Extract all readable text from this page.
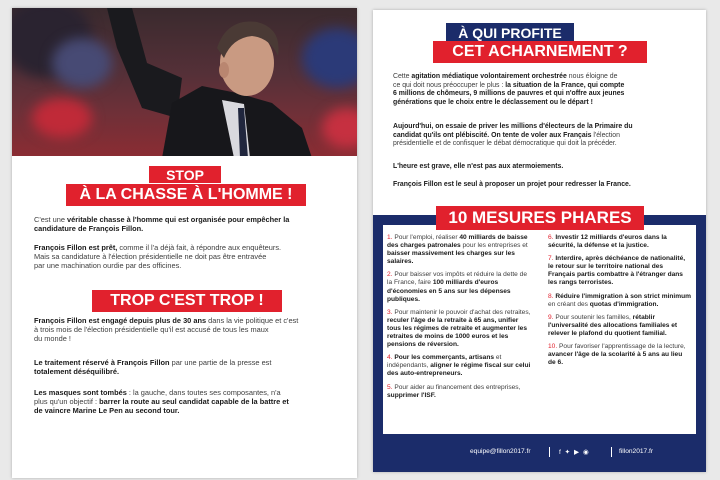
STOP
À LA CHASSE À L'HOMME !
C'est une véritable chasse à l'homme qui est organisée pour empêcher la
candidature de François Fillon.
François Fillon est prêt, comme il l'a déjà fait, à répondre aux enquêteurs.
Mais sa candidature à l'élection présidentielle ne doit pas être entravée
par une machination ourdie par des officines.
TROP C'EST TROP !
François Fillon est engagé depuis plus de 30 ans dans la vie politique et c'est
à trois mois de l'élection présidentielle qu'il est accusé de tous les maux
du monde !
Le traitement réservé à François Fillon par une partie de la presse est
totalement déséquilibré.
Les masques sont tombés : la gauche, dans toutes ses composantes, n'a
plus qu'un objectif : barrer la route au seul candidat capable de la battre et
de vaincre Marine Le Pen au second tour.
À QUI PROFITE
CET ACHARNEMENT ?
Cette agitation médiatique volontairement orchestrée nous éloigne de
ce qui doit nous préoccuper le plus : la situation de la France, qui compte
6 millions de chômeurs, 9 millions de pauvres et qui n'offre aux jeunes
générations que le choix entre le déclassement ou le départ !
Aujourd'hui, on essaie de priver les millions d'électeurs de la Primaire du
candidat qu'ils ont plébiscité. On tente de voler aux Français l'élection
présidentielle et de confisquer le débat démocratique qui doit la précéder.
L'heure est grave, elle n'est pas aux atermoiements.
François Fillon est le seul à proposer un projet pour redresser la France.
10 MESURES PHARES

1. Pour l'emploi, réaliser 40 milliards de baisse des charges patronales pour les entreprises et baisser massivement les charges sur les salaires.

2. Pour baisser vos impôts et réduire la dette de la France, faire 100 milliards d'euros d'économies en 5 ans sur les dépenses publiques.

3. Pour maintenir le pouvoir d'achat des retraites, reculer l'âge de la retraite à 65 ans, unifier tous les régimes de retraite et augmenter les retraites de moins de 1000 euros et les pensions de réversion.

4. Pour les commerçants, artisans et indépendants, aligner le régime fiscal sur celui des auto-entrepreneurs.

5. Pour aider au financement des entreprises, supprimer l'ISF.

6. Investir 12 milliards d'euros dans la sécurité, la défense et la justice.

7. Interdire, après déchéance de nationalité, le retour sur le territoire national des Français partis combattre à l'étranger dans les rangs terroristes.

8. Réduire l'immigration à son strict minimum en créant des quotas d'immigration.

9. Pour soutenir les familles, rétablir l'universalité des allocations familiales et relever le plafond du quotient familial.

10. Pour favoriser l'apprentissage de la lecture, avancer l'âge de la scolarité à 5 ans au lieu de 6.

equipe@fillon2017.fr	f ✦ ▶ ◉	fillon2017.fr
